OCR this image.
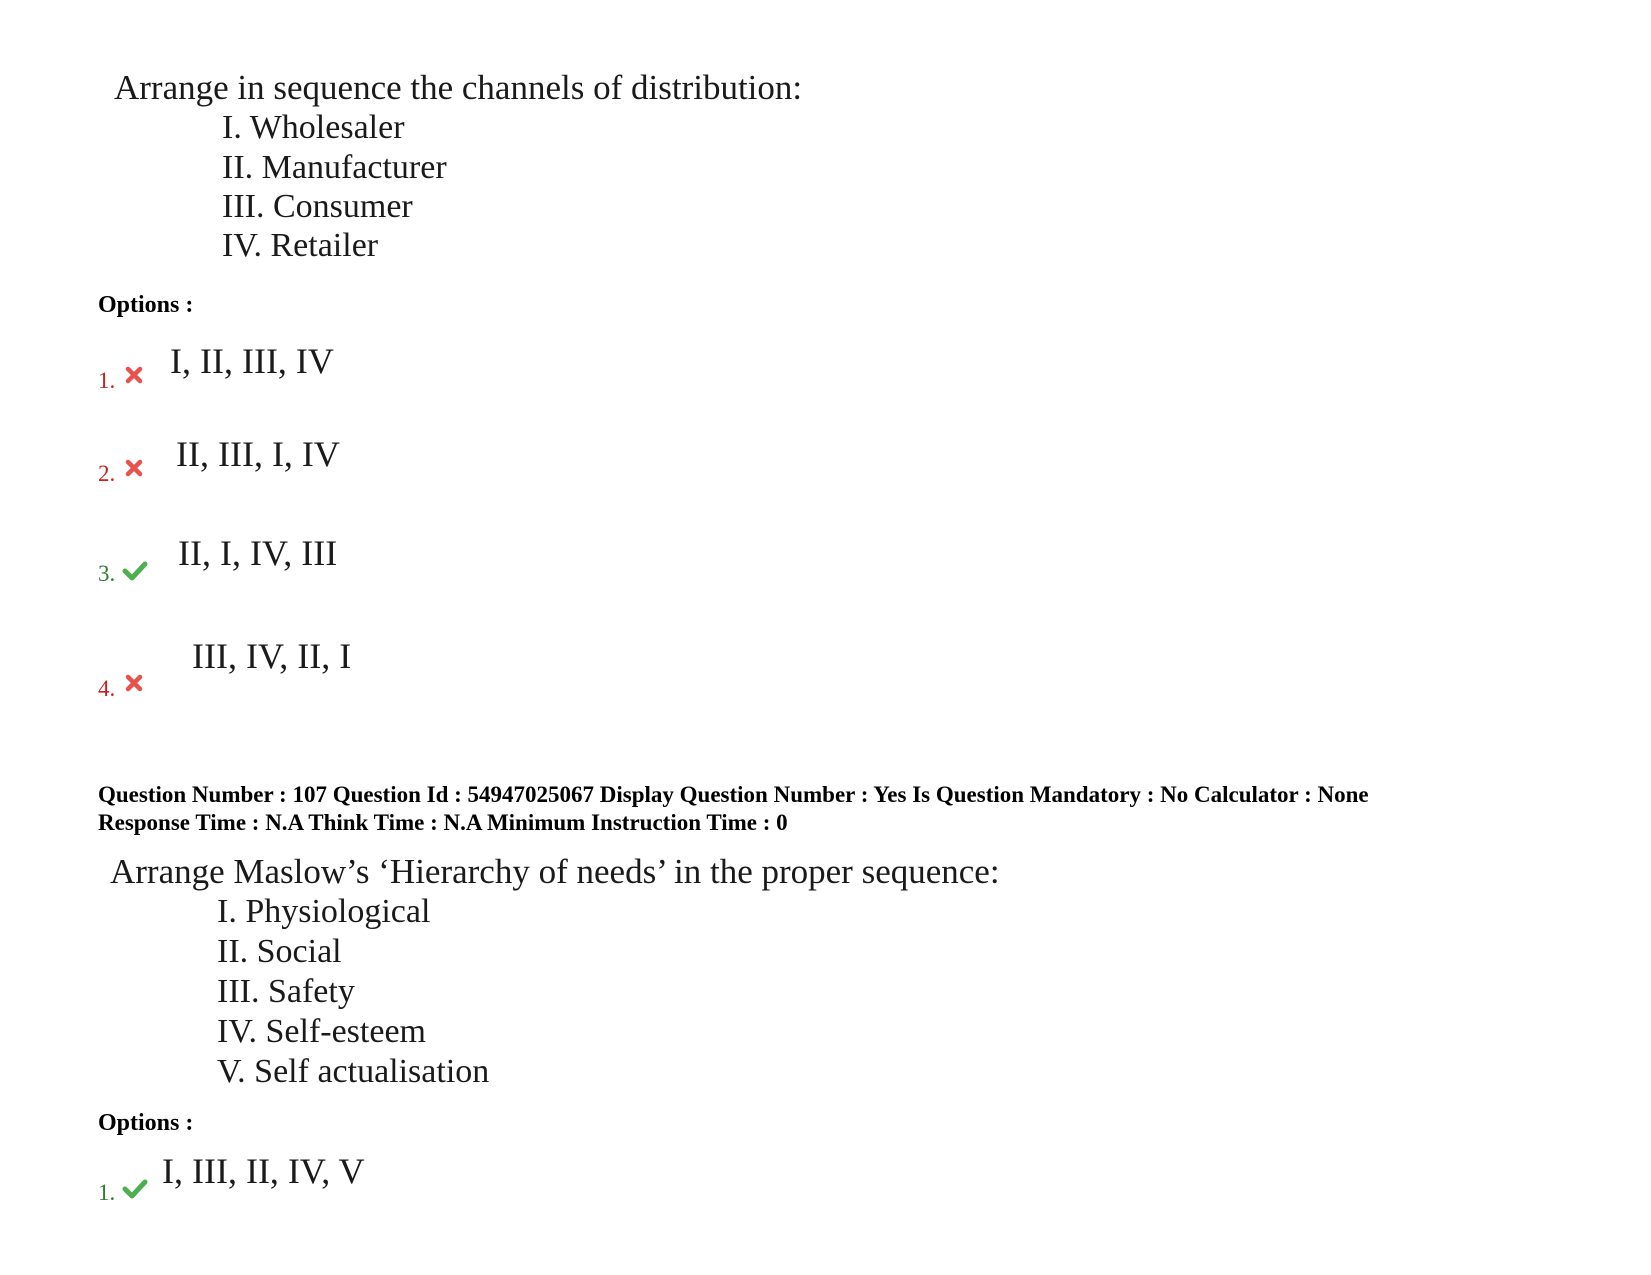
Arrange in sequence the channels of distribution:
I. Wholesaler
II. Manufacturer
III. Consumer
IV. Retailer
Options :
1. I, II, III, IV
2. II, III, I, IV
3.
II, I, IV, III
4.
III, IV, II, I
Question Number : 107 Question Id : 54947025067 Display Question Number : Yes Is Question Mandatory : No Calculator : None
Response Time : N.A Think Time : N.A Minimum Instruction Time : 0
Arrange Maslow’s ‘Hierarchy of needs’ in the proper sequence:
I. Physiological
II. Social
III. Safety
IV. Self-esteem
V. Self actualisation
Options :
1.
I, III, II, IV, V
